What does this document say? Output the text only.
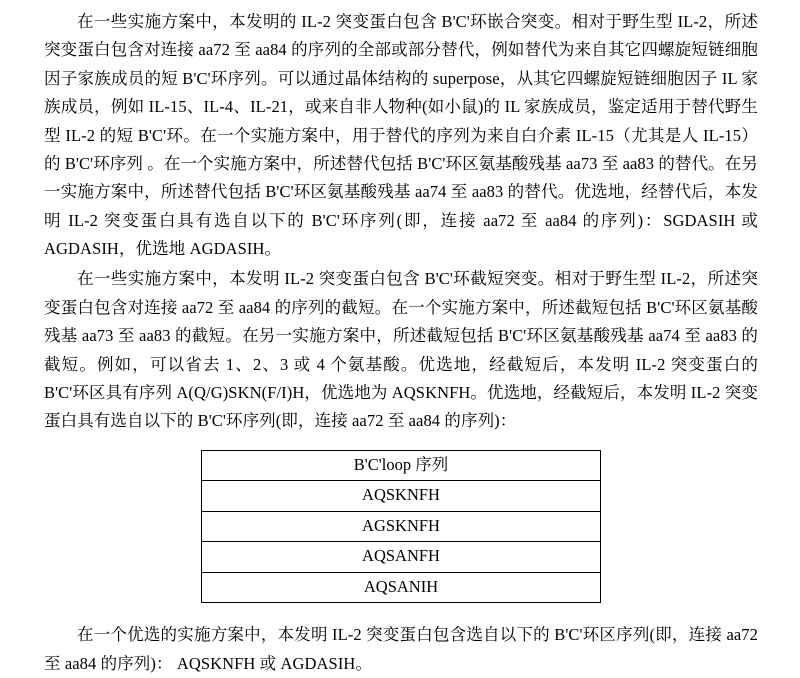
在一些实施方案中，本发明的 IL-2 突变蛋白包含 B'C'环嵌合突变。相对于野生型 IL-2，所述突变蛋白包含对连接 aa72 至 aa84 的序列的全部或部分替代，例如替代为来自其它四螺旋短链细胞因子家族成员的短 B'C'环序列。可以通过晶体结构的 superpose，从其它四螺旋短链细胞因子 IL 家族成员，例如 IL-15、IL-4、IL-21，或来自非人物种(如小鼠)的 IL 家族成员，鉴定适用于替代野生型 IL-2 的短 B'C'环。在一个实施方案中，用于替代的序列为来自白介素 IL-15（尤其是人 IL-15）的 B'C'环序列 。在一个实施方案中，所述替代包括 B'C'环区氨基酸残基 aa73 至 aa83 的替代。在另一实施方案中，所述替代包括 B'C'环区氨基酸残基 aa74 至 aa83 的替代。优选地，经替代后，本发明 IL-2 突变蛋白具有选自以下的 B'C'环序列(即，连接 aa72 至 aa84 的序列)：SGDASIH 或 AGDASIH，优选地 AGDASIH。

在一些实施方案中，本发明 IL-2 突变蛋白包含 B'C'环截短突变。相对于野生型 IL-2，所述突变蛋白包含对连接 aa72 至 aa84 的序列的截短。在一个实施方案中，所述截短包括 B'C'环区氨基酸残基 aa73 至 aa83 的截短。在另一实施方案中，所述截短包括 B'C'环区氨基酸残基 aa74 至 aa83 的截短。例如，可以省去 1、2、3 或 4 个氨基酸。优选地，经截短后，本发明 IL-2 突变蛋白的 B'C'环区具有序列 A(Q/G)SKN(F/I)H，优选地为 AQSKNFH。优选地，经截短后，本发明 IL-2 突变蛋白具有选自以下的 B'C'环序列(即，连接 aa72 至 aa84 的序列)：

B'C'loop 序列
AQSKNFH
AGSKNFH
AQSANFH
AQSANIH

在一个优选的实施方案中，本发明 IL-2 突变蛋白包含选自以下的 B'C'环区序列(即，连接 aa72 至 aa84 的序列)： AQSKNFH 或 AGDASIH。
